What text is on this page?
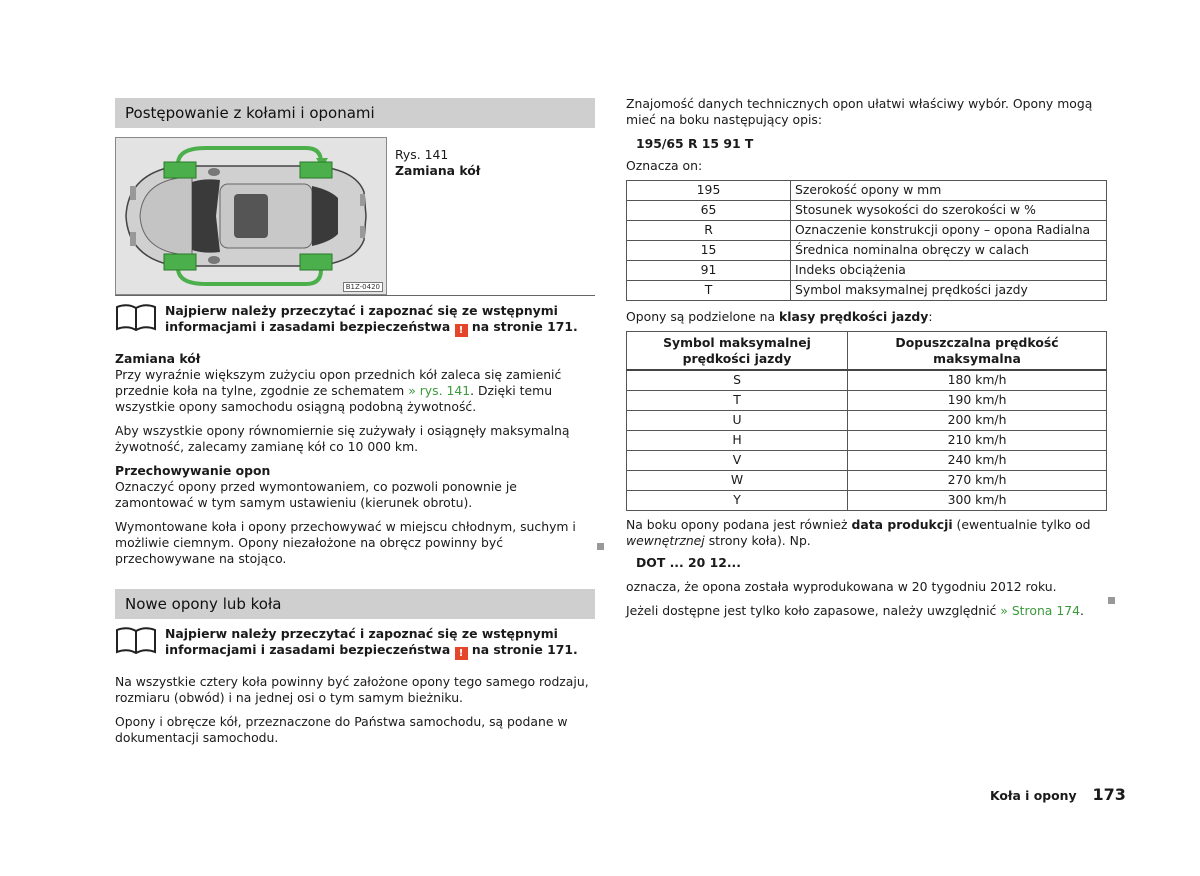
Postępowanie z kołami i oponami
B1Z-0420
Rys. 141
Zamiana kół
Najpierw należy przeczytać i zapoznać się ze wstępnymi informacjami i zasadami bezpieczeństwa ! na stronie 171.
Zamiana kół

Przy wyraźnie większym zużyciu opon przednich kół zaleca się zamienić przednie koła na tylne, zgodnie ze schematem » rys. 141. Dzięki temu wszystkie opony samochodu osiągną podobną żywotność.

Aby wszystkie opony równomiernie się zużywały i osiągnęły maksymalną żywotność, zalecamy zamianę kół co 10 000 km.

Przechowywanie opon

Oznaczyć opony przed wymontowaniem, co pozwoli ponownie je zamontować w tym samym ustawieniu (kierunek obrotu).

Wymontowane koła i opony przechowywać w miejscu chłodnym, suchym i możliwie ciemnym. Opony niezałożone na obręcz powinny być przechowywane na stojąco.

Nowe opony lub koła
Najpierw należy przeczytać i zapoznać się ze wstępnymi informacjami i zasadami bezpieczeństwa ! na stronie 171.

Na wszystkie cztery koła powinny być założone opony tego samego rodzaju, rozmiaru (obwód) i na jednej osi o tym samym bieżniku.

Opony i obręcze kół, przeznaczone do Państwa samochodu, są podane w dokumentacji samochodu.

Znajomość danych technicznych opon ułatwi właściwy wybór. Opony mogą mieć na boku następujący opis:

195/65 R 15 91 T

Oznacza on:

195	Szerokość opony w mm
65	Stosunek wysokości do szerokości w %
R	Oznaczenie konstrukcji opony – opona Radialna
15	Średnica nominalna obręczy w calach
91	Indeks obciążenia
T	Symbol maksymalnej prędkości jazdy

Opony są podzielone na klasy prędkości jazdy:

Symbol maksymalnej prędkości jazdy	Dopuszczalna prędkość maksymalna
S	180 km/h
T	190 km/h
U	200 km/h
H	210 km/h
V	240 km/h
W	270 km/h
Y	300 km/h

Na boku opony podana jest również data produkcji (ewentualnie tylko od wewnętrznej strony koła). Np.

DOT ... 20 12...

oznacza, że opona została wyprodukowana w 20 tygodniu 2012 roku.

Jeżeli dostępne jest tylko koło zapasowe, należy uwzględnić » Strona 174.

Koła i opony 173
